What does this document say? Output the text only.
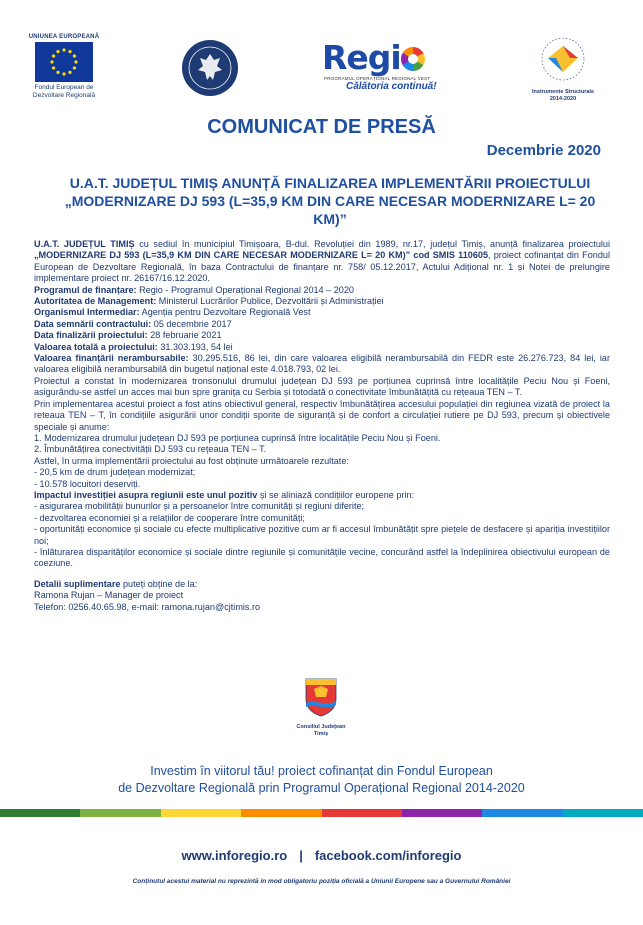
UNIUNEA EUROPEANĂ
Fondul European de Dezvoltare Regională
Regi
PROGRAMUL OPERAȚIONAL REGIONAL VEST
Călătoria continuă!	Instrumente Structurale
2014-2020
COMUNICAT DE PRESĂ
Decembrie 2020
U.A.T. JUDEȚUL TIMIȘ ANUNȚĂ FINALIZAREA IMPLEMENTĂRII PROIECTULUI
„MODERNIZARE DJ 593 (L=35,9 KM DIN CARE NECESAR MODERNIZARE L= 20 KM)”

U.A.T. JUDEȚUL TIMIȘ cu sediul în municipiul Timișoara, B-dul. Revoluției din 1989, nr.17, județul Timiș, anunță finalizarea proiectului „MODERNIZARE DJ 593 (L=35,9 KM DIN CARE NECESAR MODERNIZARE L= 20 KM)” cod SMIS 110605, proiect cofinanțat din Fondul European de Dezvoltare Regională, în baza Contractului de finanțare nr. 758/ 05.12.2017, Actului Adițional nr. 1 și Notei de prelungire implementare proiect nr. 26167/16.12.2020.

Programul de finanțare: Regio - Programul Operațional Regional 2014 – 2020

Autoritatea de Management: Ministerul Lucrărilor Publice, Dezvoltării și Administrației

Organismul Intermediar: Agenția pentru Dezvoltare Regională Vest

Data semnării contractului: 05 decembrie 2017

Data finalizării proiectului: 28 februarie 2021

Valoarea totală a proiectului: 31.303.193, 54 lei

Valoarea finanțării nerambursabile: 30.295.516, 86 lei, din care valoarea eligibilă nerambursabilă din FEDR este 26.276.723, 84 lei, iar valoarea eligibilă nerambursabilă din bugetul național este 4.018.793, 02 lei.

Proiectul a constat în modernizarea tronsonului drumului județean DJ 593 pe porțiunea cuprinsă între localitățile Peciu Nou și Foeni, asigurându-se astfel un acces mai bun spre granița cu Serbia și totodată o conectivitate îmbunătățită cu rețeaua TEN – T.

Prin implementarea acestui proiect a fost atins obiectivul general, respectiv îmbunătățirea accesului populației din regiunea vizată de proiect la reteaua TEN – T, în condițiile asigurării unor condiții sporite de siguranță și de confort a circulației rutiere pe DJ 593, precum și obiectivele speciale și anume:

1. Modernizarea drumului județean DJ 593 pe porțiunea cuprinsă între localitățile Peciu Nou și Foeni.

2. Îmbunătățirea conectivității DJ 593 cu rețeaua TEN – T.

Astfel, în urma implementării proiectului au fost obținute următoarele rezultate:

- 20,5 km de drum județean modernizat;

- 10.578 locuitori deserviți.

Impactul investiției asupra regiunii este unul pozitiv și se aliniază condițiilor europene prin:

- asigurarea mobilității bunurilor și a persoanelor între comunități și regiuni diferite;

- dezvoltarea economiei și a relațiilor de cooperare între comunități;

- oportunități economice și sociale cu efecte multiplicative pozitive cum ar fi accesul îmbunătățit spre piețele de desfacere și apariția investițiilor noi;

- înlăturarea disparităților economice și sociale dintre regiunile și comunitățile vecine, concurând astfel la îndeplinirea obiectivului european de coeziune.

Detalii suplimentare puteți obține de la:

Ramona Rujan – Manager de proiect

Telefon: 0256.40.65.98, e-mail: ramona.rujan@cjtimis.ro

Consiliul Județean
Timiș
Investim în viitorul tău! proiect cofinanțat din Fondul European
de Dezvoltare Regională prin Programul Operațional Regional 2014-2020
www.inforegio.ro | facebook.com/inforegio
Conținutul acestui material nu reprezintă în mod obligatoriu poziția oficială a Uniunii Europene sau a Guvernului României
